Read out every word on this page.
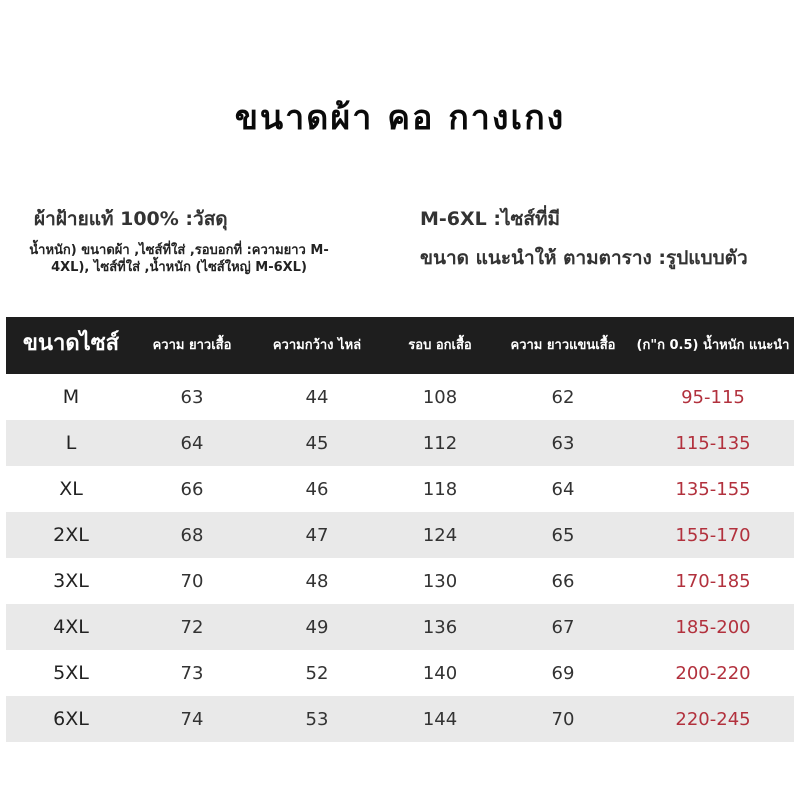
ขนาดผ้า คอ กางเกง
ผ้าฝ้ายแท้ 100% :วัสดุ
น้ำหนัก) ขนาดผ้า ,ไซส์ที่ใส่ ,รอบอกที่ :ความยาว M-4XL), ไซส์ที่ใส่ ,น้ำหนัก (ไซส์ใหญ่ M-6XL)
M-6XL :ไซส์ที่มี
ขนาด แนะนำให้ ตามตาราง :รูปแบบตัว
ขนาดไซส์	ความ ยาวเสื้อ	ความกว้าง ไหล่	รอบ อกเสื้อ	ความ ยาวแขนเสื้อ	(ก"ก 0.5) น้ำหนัก แนะนำ
M	63	44	108	62	95-115
L	64	45	112	63	115-135
XL	66	46	118	64	135-155
2XL	68	47	124	65	155-170
3XL	70	48	130	66	170-185
4XL	72	49	136	67	185-200
5XL	73	52	140	69	200-220
6XL	74	53	144	70	220-245
